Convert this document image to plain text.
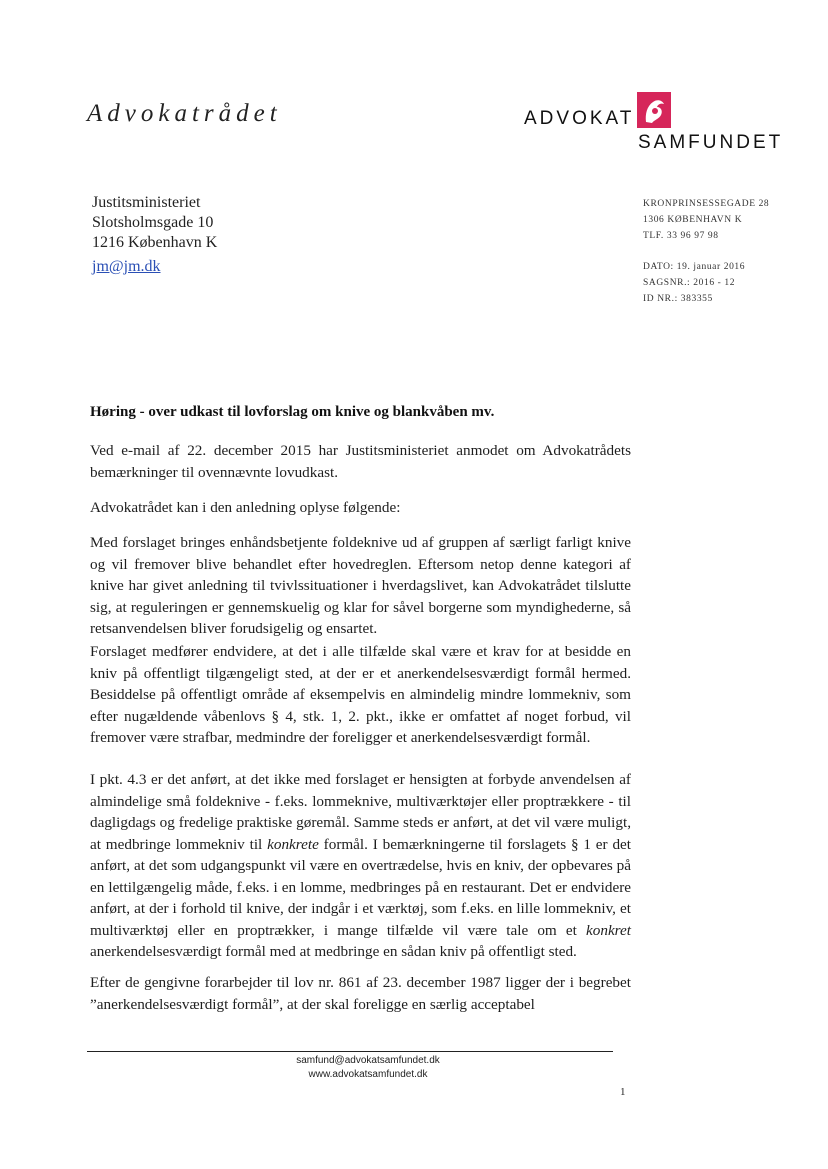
Advokatrådet	ADVOKAT
SAMFUNDET
Justitsministeriet
Slotsholmsgade 10
1216 København K
jm@jm.dk
KRONPRINSESSEGADE 28
1306 KØBENHAVN K
TLF. 33 96 97 98
DATO: 19. januar 2016
SAGSNR.: 2016 - 12
ID NR.: 383355
Høring - over udkast til lovforslag om knive og blankvåben mv.
Ved e-mail af 22. december 2015 har Justitsministeriet anmodet om Advokatrådets bemærkninger til ovennævnte lovudkast.
Advokatrådet kan i den anledning oplyse følgende:
Med forslaget bringes enhåndsbetjente foldeknive ud af gruppen af særligt farligt knive og vil fremover blive behandlet efter hovedreglen. Eftersom netop denne kategori af knive har givet anledning til tvivlssituationer i hverdagslivet, kan Advokatrådet tilslutte sig, at reguleringen er gennemskuelig og klar for såvel borgerne som myndighederne, så retsanvendelsen bliver forudsigelig og ensartet.
Forslaget medfører endvidere, at det i alle tilfælde skal være et krav for at besidde en kniv på offentligt tilgængeligt sted, at der er et anerkendelsesværdigt formål hermed. Besiddelse på offentligt område af eksempelvis en almindelig mindre lommekniv, som efter nugældende våbenlovs § 4, stk. 1, 2. pkt., ikke er omfattet af noget forbud, vil fremover være strafbar, medmindre der foreligger et anerkendelsesværdigt formål.
I pkt. 4.3 er det anført, at det ikke med forslaget er hensigten at forbyde anvendelsen af almindelige små foldeknive - f.eks. lommeknive, multiværktøjer eller proptrækkere - til dagligdags og fredelige praktiske gøremål. Samme steds er anført, at det vil være muligt, at medbringe lommekniv til konkrete formål. I bemærkningerne til forslagets § 1 er det anført, at det som udgangspunkt vil være en overtrædelse, hvis en kniv, der opbevares på en lettilgængelig måde, f.eks. i en lomme, medbringes på en restaurant. Det er endvidere anført, at der i forhold til knive, der indgår i et værktøj, som f.eks. en lille lommekniv, et multiværktøj eller en proptrækker, i mange tilfælde vil være tale om et konkret anerkendelsesværdigt formål med at medbringe en sådan kniv på offentligt sted.
Efter de gengivne forarbejder til lov nr. 861 af 23. december 1987 ligger der i begrebet ”anerkendelsesværdigt formål”, at der skal foreligge en særlig acceptabel
samfund@advokatsamfundet.dk
www.advokatsamfundet.dk
1
